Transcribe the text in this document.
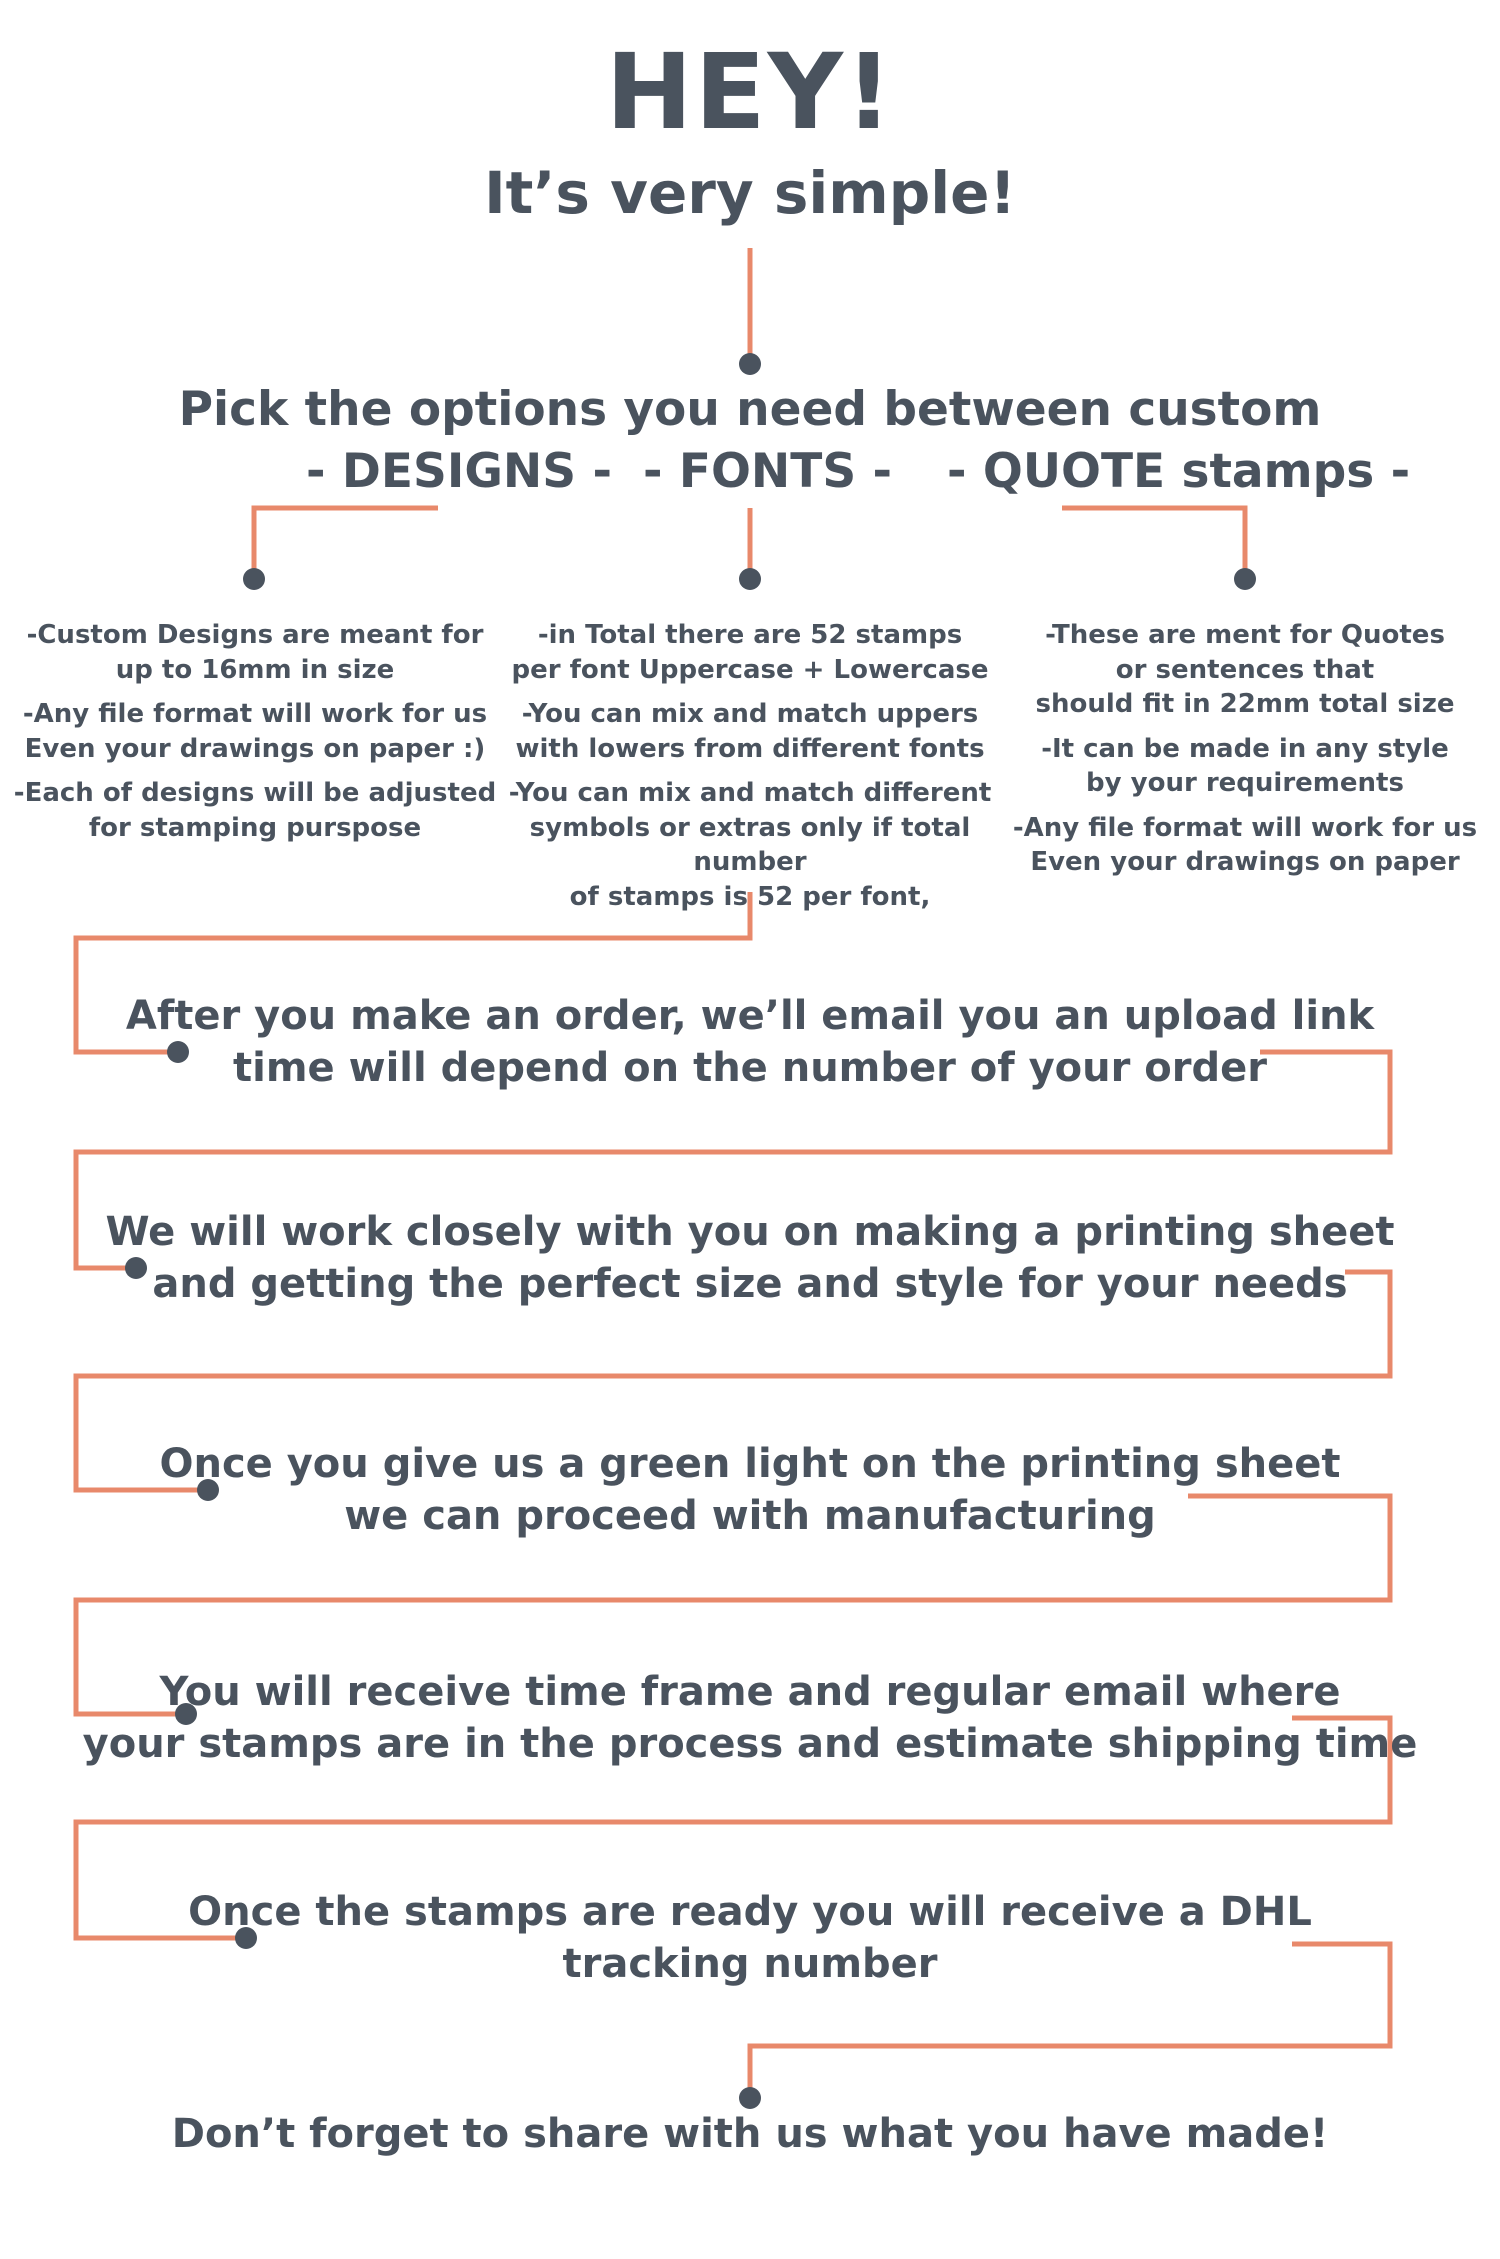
HEY!
It’s very simple!
Pick the options you need between custom
- DESIGNS - - FONTS - - QUOTE stamps -

-Custom Designs are meant for
up to 16mm in size

-Any file format will work for us
Even your drawings on paper :)

-Each of designs will be adjusted
for stamping purspose

-in Total there are 52 stamps
per font Uppercase + Lowercase

-You can mix and match uppers
with lowers from different fonts

-You can mix and match different
symbols or extras only if total number
of stamps is 52 per font,

-These are ment for Quotes
or sentences that
should fit in 22mm total size

-It can be made in any style
by your requirements

-Any file format will work for us
Even your drawings on paper

After you make an order, we’ll email you an upload link
time will depend on the number of your order
We will work closely with you on making a printing sheet
and getting the perfect size and style for your needs
Once you give us a green light on the printing sheet
we can proceed with manufacturing
You will receive time frame and regular email where
your stamps are in the process and estimate shipping time
Once the stamps are ready you will receive a DHL
tracking number
Don’t forget to share with us what you have made!
